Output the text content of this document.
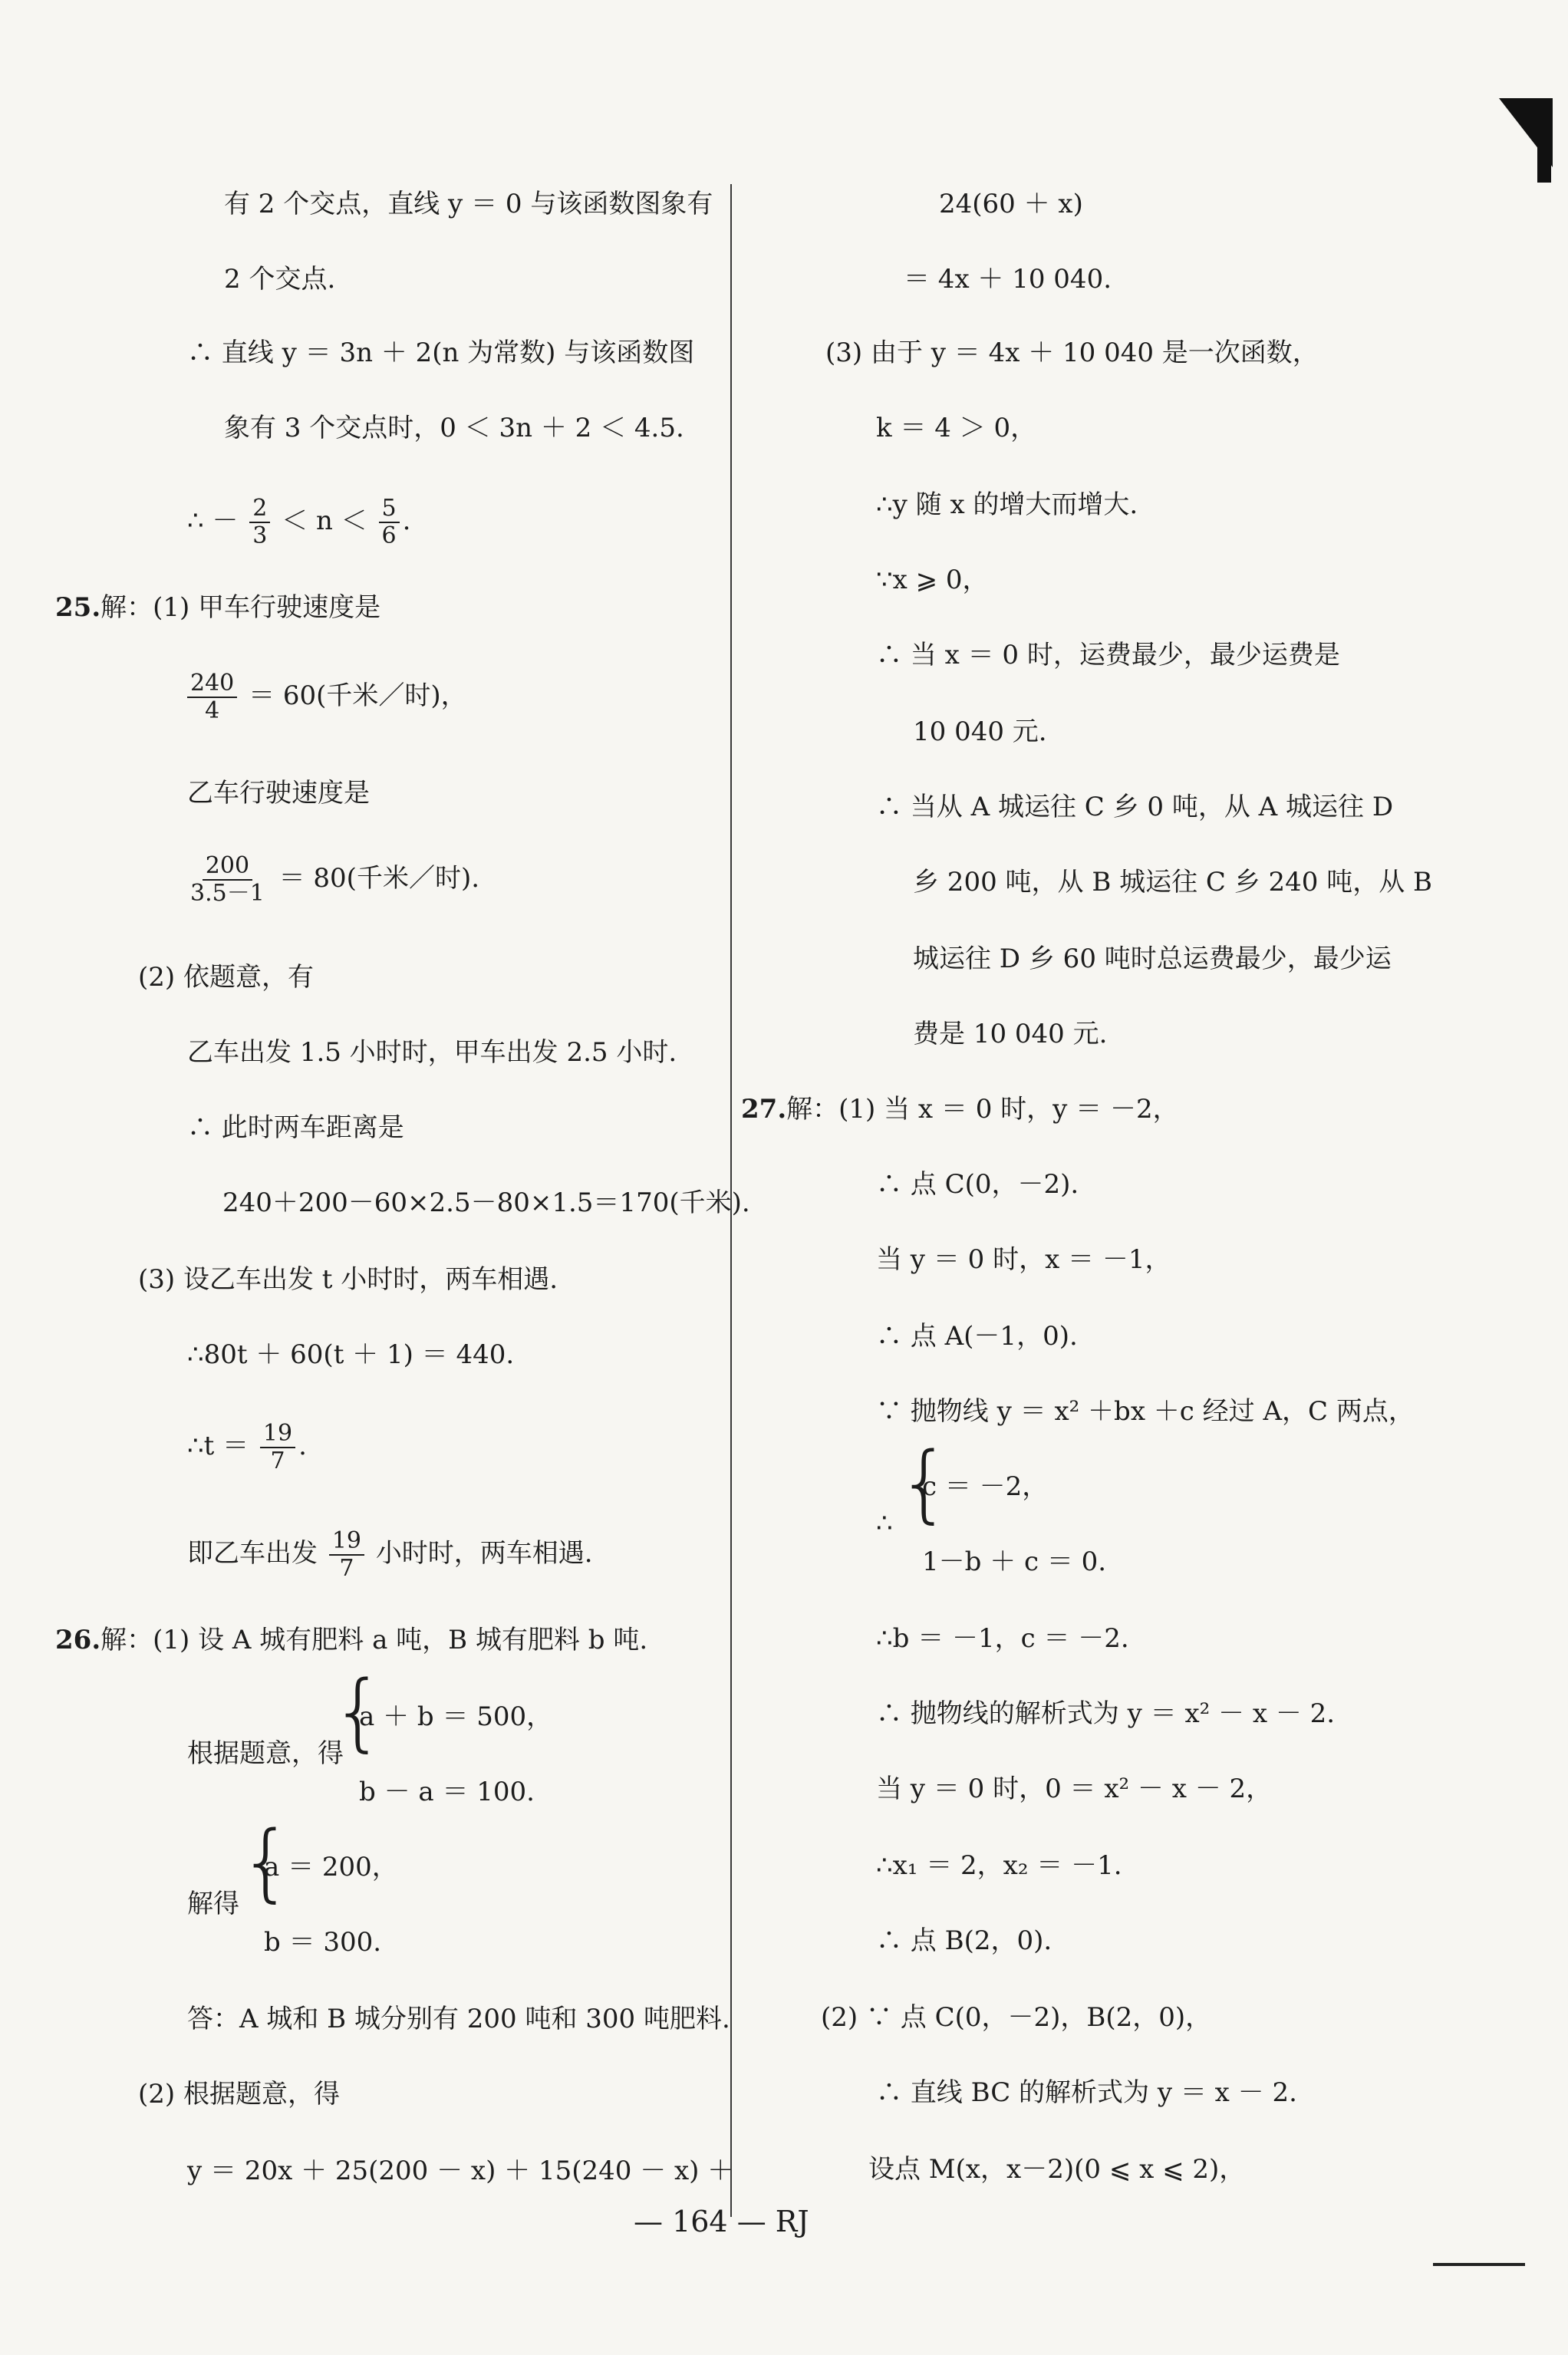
有 2 个交点，直线 y ＝ 0 与该函数图象有
2 个交点.
∴ 直线 y ＝ 3n ＋ 2(n 为常数) 与该函数图
象有 3 个交点时，0 ＜ 3n ＋ 2 ＜ 4.5.
∴ － $\frac{2}{3} < n < \frac{5}{6}$ .
25.解：(1) 甲车行驶速度是
$\frac{240}{4} = 60$(千米／时)，
乙车行驶速度是
$\frac{200}{3.5-1} = 80$(千米／时).
(2) 依题意，有
乙车出发 1.5 小时时，甲车出发 2.5 小时.
∴ 此时两车距离是
240＋200－60×2.5－80×1.5＝170(千米).
(3) 设乙车出发 t 小时时，两车相遇.
∴80t ＋ 60(t ＋ 1) ＝ 440.
∴t ＝ $\frac{19}{7}$ .
即乙车出发 $\frac{19}{7}$ 小时时，两车相遇.
26.解：(1) 设 A 城有肥料 a 吨，B 城有肥料 b 吨.
根据题意，得
{
a ＋ b ＝ 500，
b － a ＝ 100.
解得 {
a ＝ 200，
b ＝ 300.
答：A 城和 B 城分别有 200 吨和 300 吨肥料.
(2) 根据题意，得
y ＝ 20x ＋ 25(200 － x) ＋ 15(240 － x) ＋
24(60 ＋ x)
＝ 4x ＋ 10 040.
(3) 由于 y ＝ 4x ＋ 10 040 是一次函数，
k ＝ 4 ＞ 0，
∴y 随 x 的增大而增大.
∵x ⩾ 0，
∴ 当 x ＝ 0 时，运费最少，最少运费是
10 040 元.
∴ 当从 A 城运往 C 乡 0 吨，从 A 城运往 D
乡 200 吨，从 B 城运往 C 乡 240 吨，从 B
城运往 D 乡 60 吨时总运费最少，最少运
费是 10 040 元.
27.解：(1) 当 x ＝ 0 时，y ＝ －2，
∴ 点 C(0，－2).
当 y ＝ 0 时，x ＝ －1，
∴ 点 A(－1，0).
∵ 抛物线 y ＝ x² ＋bx ＋c 经过 A，C 两点，
∴ {
c ＝ －2，
1－b ＋ c ＝ 0.
∴b ＝ －1，c ＝ －2.
∴ 抛物线的解析式为 y ＝ x² － x － 2.
当 y ＝ 0 时，0 ＝ x² － x － 2，
∴x₁ ＝ 2，x₂ ＝ －1.
∴ 点 B(2，0).
(2) ∵ 点 C(0，－2)，B(2，0)，
∴ 直线 BC 的解析式为 y ＝ x － 2.
设点 M(x，x－2)(0 ⩽ x ⩽ 2)，
— 164 — RJ
